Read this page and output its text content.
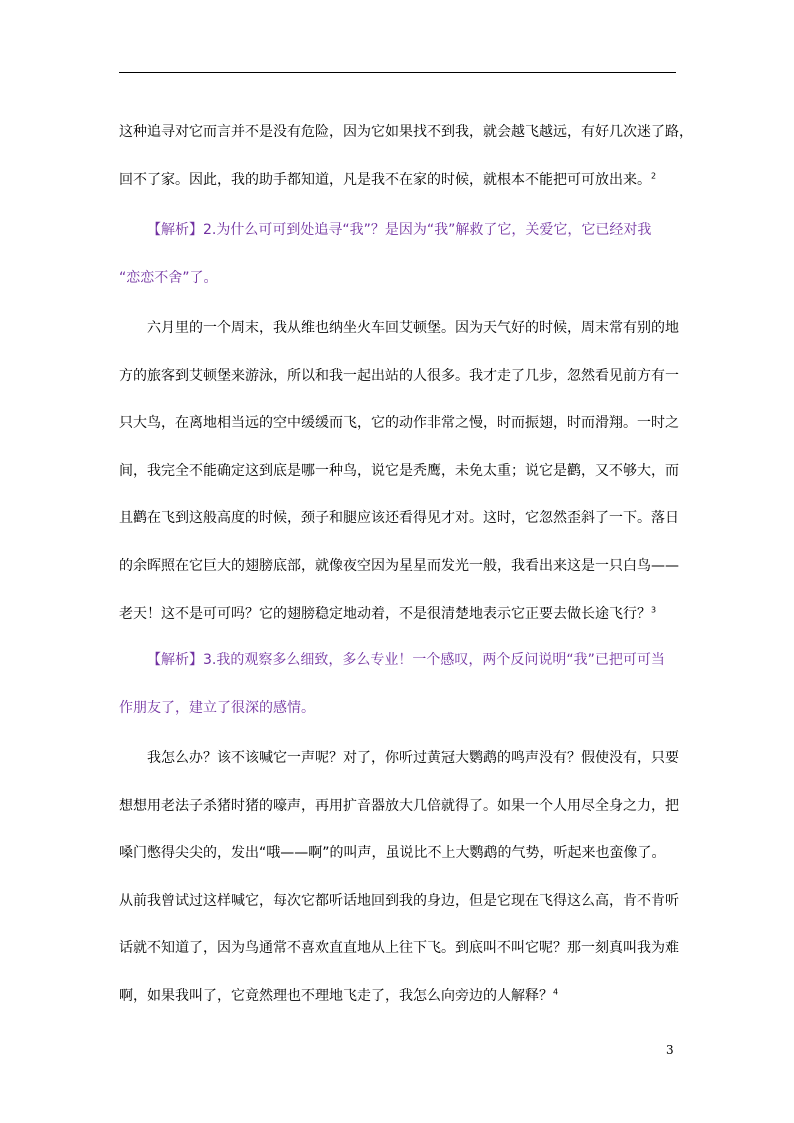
这种追寻对它而言并不是没有危险，因为它如果找不到我，就会越飞越远，有好几次迷了路，
回不了家。因此，我的助手都知道，凡是我不在家的时候，就根本不能把可可放出来。$^2$
【解析】2.为什么可可到处追寻“我”？是因为“我”解救了它，关爱它，它已经对我
“恋恋不舍”了。
六月里的一个周末，我从维也纳坐火车回艾顿堡。因为天气好的时候，周末常有别的地
方的旅客到艾顿堡来游泳，所以和我一起出站的人很多。我才走了几步，忽然看见前方有一
只大鸟，在离地相当远的空中缓缓而飞，它的动作非常之慢，时而振翅，时而滑翔。一时之
间，我完全不能确定这到底是哪一种鸟，说它是秃鹰，未免太重；说它是鹳，又不够大，而
且鹳在飞到这般高度的时候，颈子和腿应该还看得见才对。这时，它忽然歪斜了一下。落日
的余晖照在它巨大的翅膀底部，就像夜空因为星星而发光一般，我看出来这是一只白鸟——
老天！这不是可可吗？它的翅膀稳定地动着，不是很清楚地表示它正要去做长途飞行？$^3$
【解析】3.我的观察多么细致，多么专业！一个感叹，两个反问说明“我”已把可可当
作朋友了，建立了很深的感情。
我怎么办？该不该喊它一声呢？对了，你听过黄冠大鹦鹉的鸣声没有？假使没有，只要
想想用老法子杀猪时猪的嚎声，再用扩音器放大几倍就得了。如果一个人用尽全身之力，把
嗓门憋得尖尖的，发出“哦——啊”的叫声，虽说比不上大鹦鹉的气势，听起来也蛮像了。
从前我曾试过这样喊它，每次它都听话地回到我的身边，但是它现在飞得这么高，肯不肯听
话就不知道了，因为鸟通常不喜欢直直地从上往下飞。到底叫不叫它呢？那一刻真叫我为难
啊，如果我叫了，它竟然理也不理地飞走了，我怎么向旁边的人解释？$^4$
3
